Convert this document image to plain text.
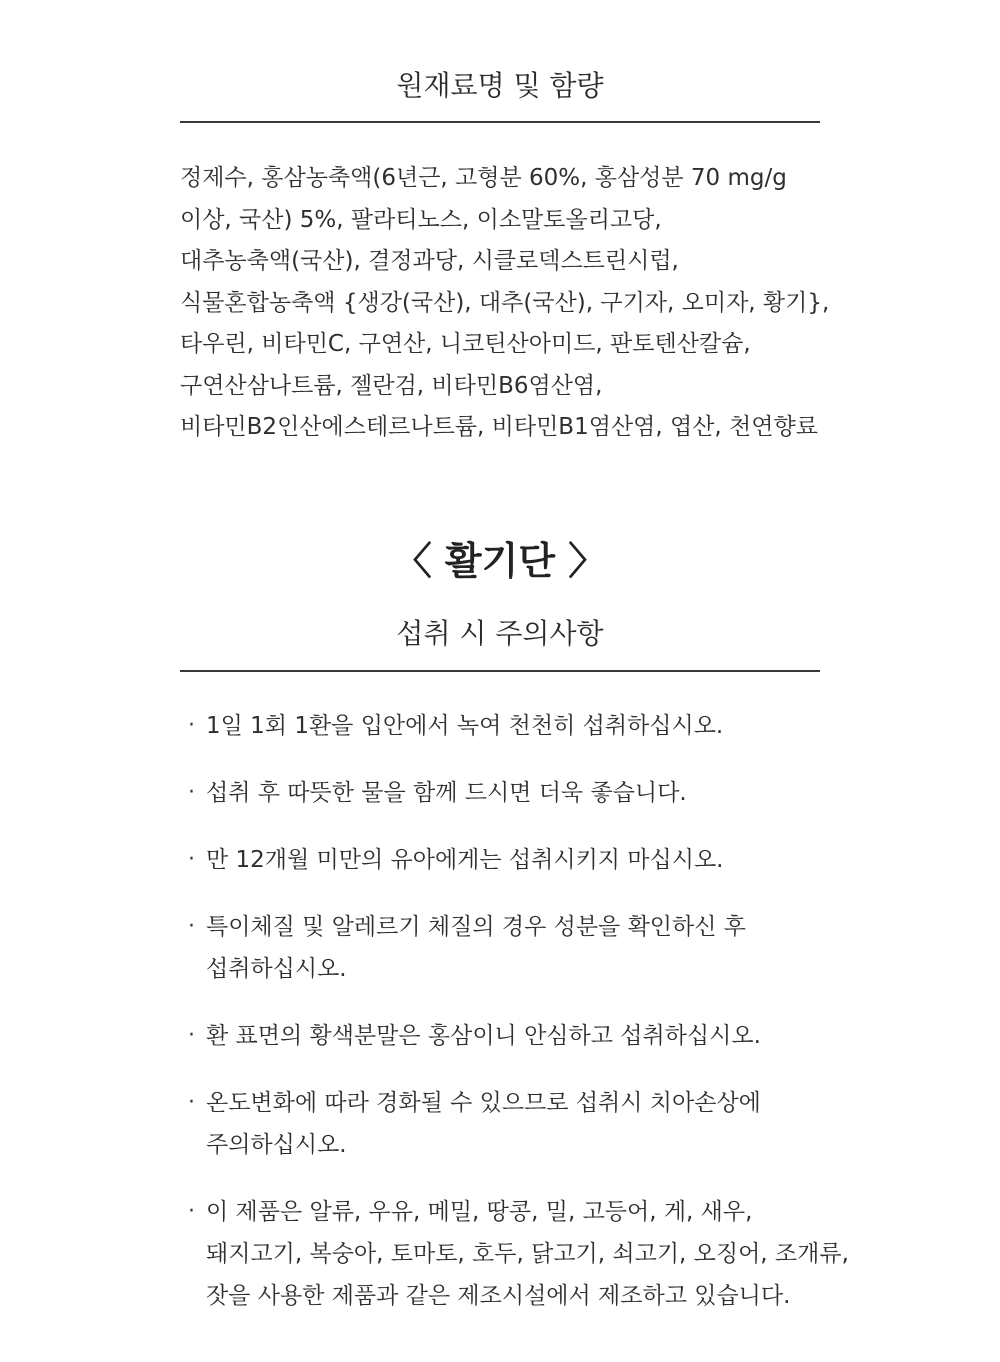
원재료명 및 함량
정제수, 홍삼농축액(6년근, 고형분 60%, 홍삼성분 70 mg/g
이상, 국산) 5%, 팔라티노스, 이소말토올리고당,
대추농축액(국산), 결정과당, 시클로덱스트린시럽,
식물혼합농축액 {생강(국산), 대추(국산), 구기자, 오미자, 황기},
타우린, 비타민C, 구연산, 니코틴산아미드, 판토텐산칼슘,
구연산삼나트륨, 젤란검, 비타민B6염산염,
비타민B2인산에스테르나트륨, 비타민B1염산염, 엽산, 천연향료
〈 활기단 〉
섭취 시 주의사항
· 1일 1회 1환을 입안에서 녹여 천천히 섭취하십시오.
· 섭취 후 따뜻한 물을 함께 드시면 더욱 좋습니다.
· 만 12개월 미만의 유아에게는 섭취시키지 마십시오.
· 특이체질 및 알레르기 체질의 경우 성분을 확인하신 후
섭취하십시오.
· 환 표면의 황색분말은 홍삼이니 안심하고 섭취하십시오.
· 온도변화에 따라 경화될 수 있으므로 섭취시 치아손상에
주의하십시오.
· 이 제품은 알류, 우유, 메밀, 땅콩, 밀, 고등어, 게, 새우,
돼지고기, 복숭아, 토마토, 호두, 닭고기, 쇠고기, 오징어, 조개류,
잣을 사용한 제품과 같은 제조시설에서 제조하고 있습니다.
